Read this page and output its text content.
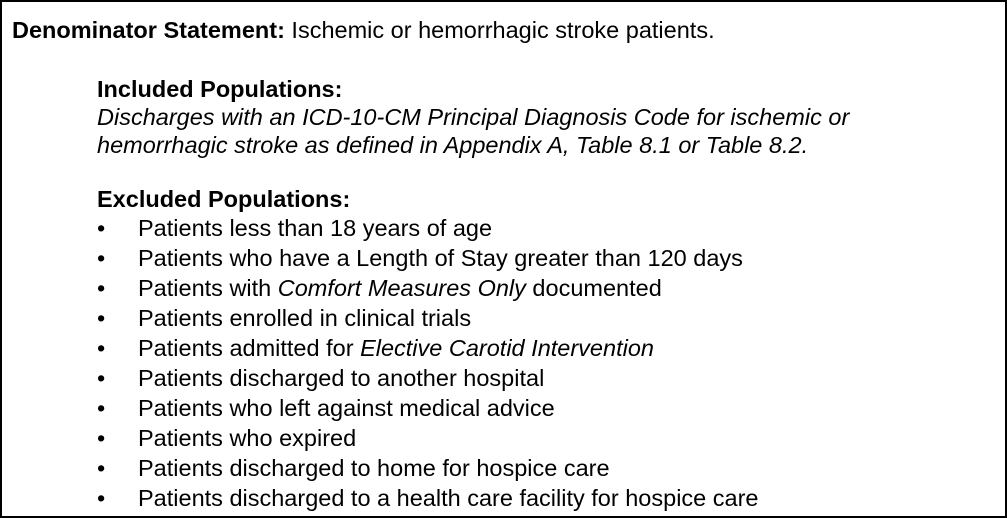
Denominator Statement: Ischemic or hemorrhagic stroke patients.
Included Populations:
Discharges with an ICD-10-CM Principal Diagnosis Code for ischemic or
hemorrhagic stroke as defined in Appendix A, Table 8.1 or Table 8.2.
Excluded Populations:
• Patients less than 18 years of age
• Patients who have a Length of Stay greater than 120 days
• Patients with Comfort Measures Only documented
• Patients enrolled in clinical trials
• Patients admitted for Elective Carotid Intervention
• Patients discharged to another hospital
• Patients who left against medical advice
• Patients who expired
• Patients discharged to home for hospice care
• Patients discharged to a health care facility for hospice care
